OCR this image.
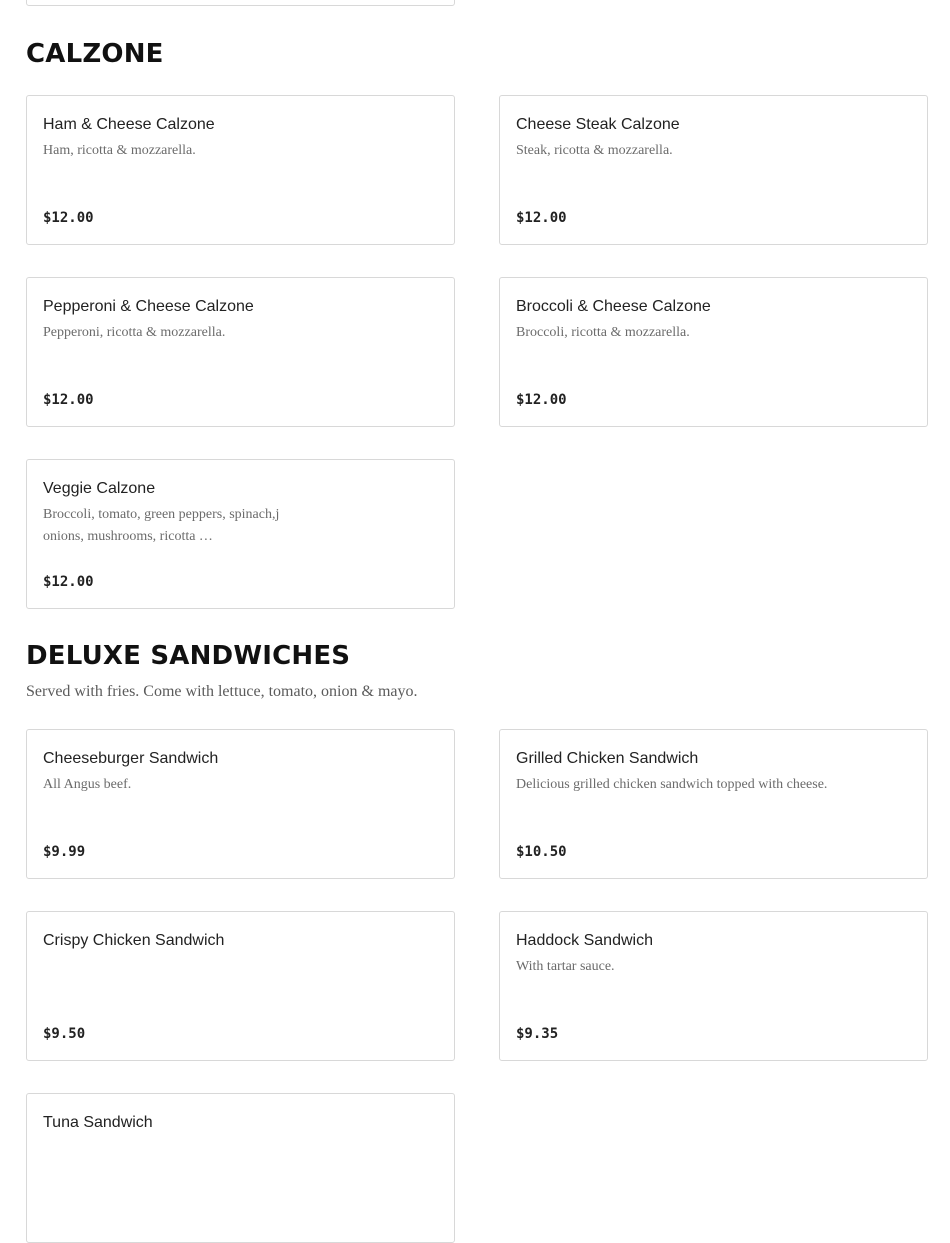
CALZONE
Ham & Cheese Calzone
Ham, ricotta & mozzarella.
$12.00
Cheese Steak Calzone
Steak, ricotta & mozzarella.
$12.00
Pepperoni & Cheese Calzone
Pepperoni, ricotta & mozzarella.
$12.00
Broccoli & Cheese Calzone
Broccoli, ricotta & mozzarella.
$12.00
Veggie Calzone
Broccoli, tomato, green peppers, spinach,j onions, mushrooms, ricotta …
$12.00
DELUXE SANDWICHES
Served with fries. Come with lettuce, tomato, onion & mayo.
Cheeseburger Sandwich
All Angus beef.
$9.99
Grilled Chicken Sandwich
Delicious grilled chicken sandwich topped with cheese.
$10.50
Crispy Chicken Sandwich
$9.50
Haddock Sandwich
With tartar sauce.
$9.35
Tuna Sandwich
